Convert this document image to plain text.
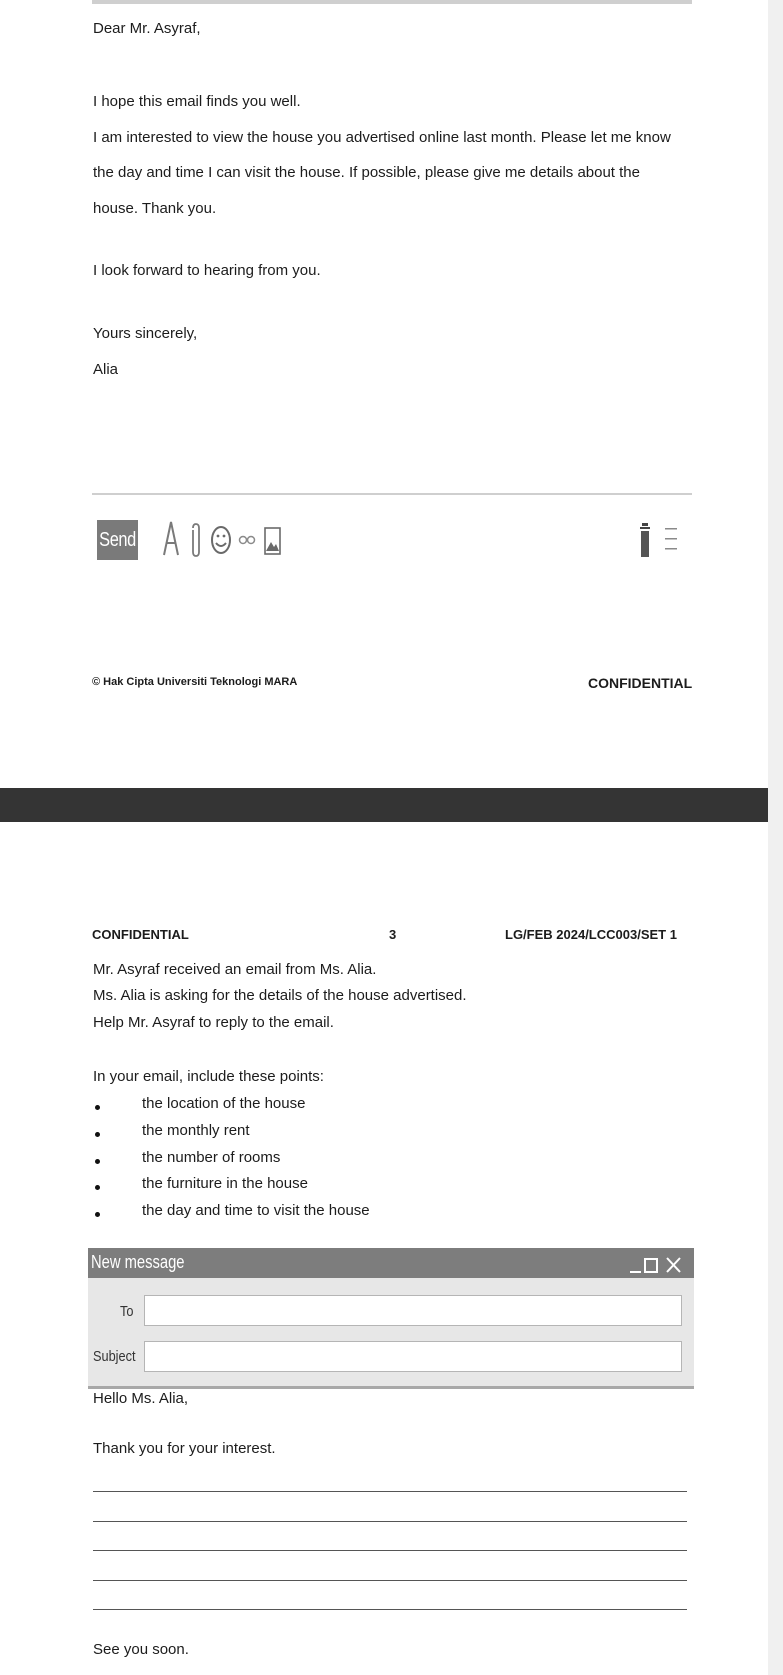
Dear Mr. Asyraf,
I hope this email finds you well.
I am interested to view the house you advertised online last month. Please let me know
the day and time I can visit the house. If possible, please give me details about the
house. Thank you.
I look forward to hearing from you.
Yours sincerely,
Alia
Send
© Hak Cipta Universiti Teknologi MARA	CONFIDENTIAL
CONFIDENTIAL	3	LG/FEB 2024/LCC003/SET 1
Mr. Asyraf received an email from Ms. Alia.
Ms. Alia is asking for the details of the house advertised.
Help Mr. Asyraf to reply to the email.
In your email, include these points:
the location of the house
the monthly rent
the number of rooms
the furniture in the house
the day and time to visit the house
New message
To
Subject
Hello Ms. Alia,
Thank you for your interest.
See you soon.
